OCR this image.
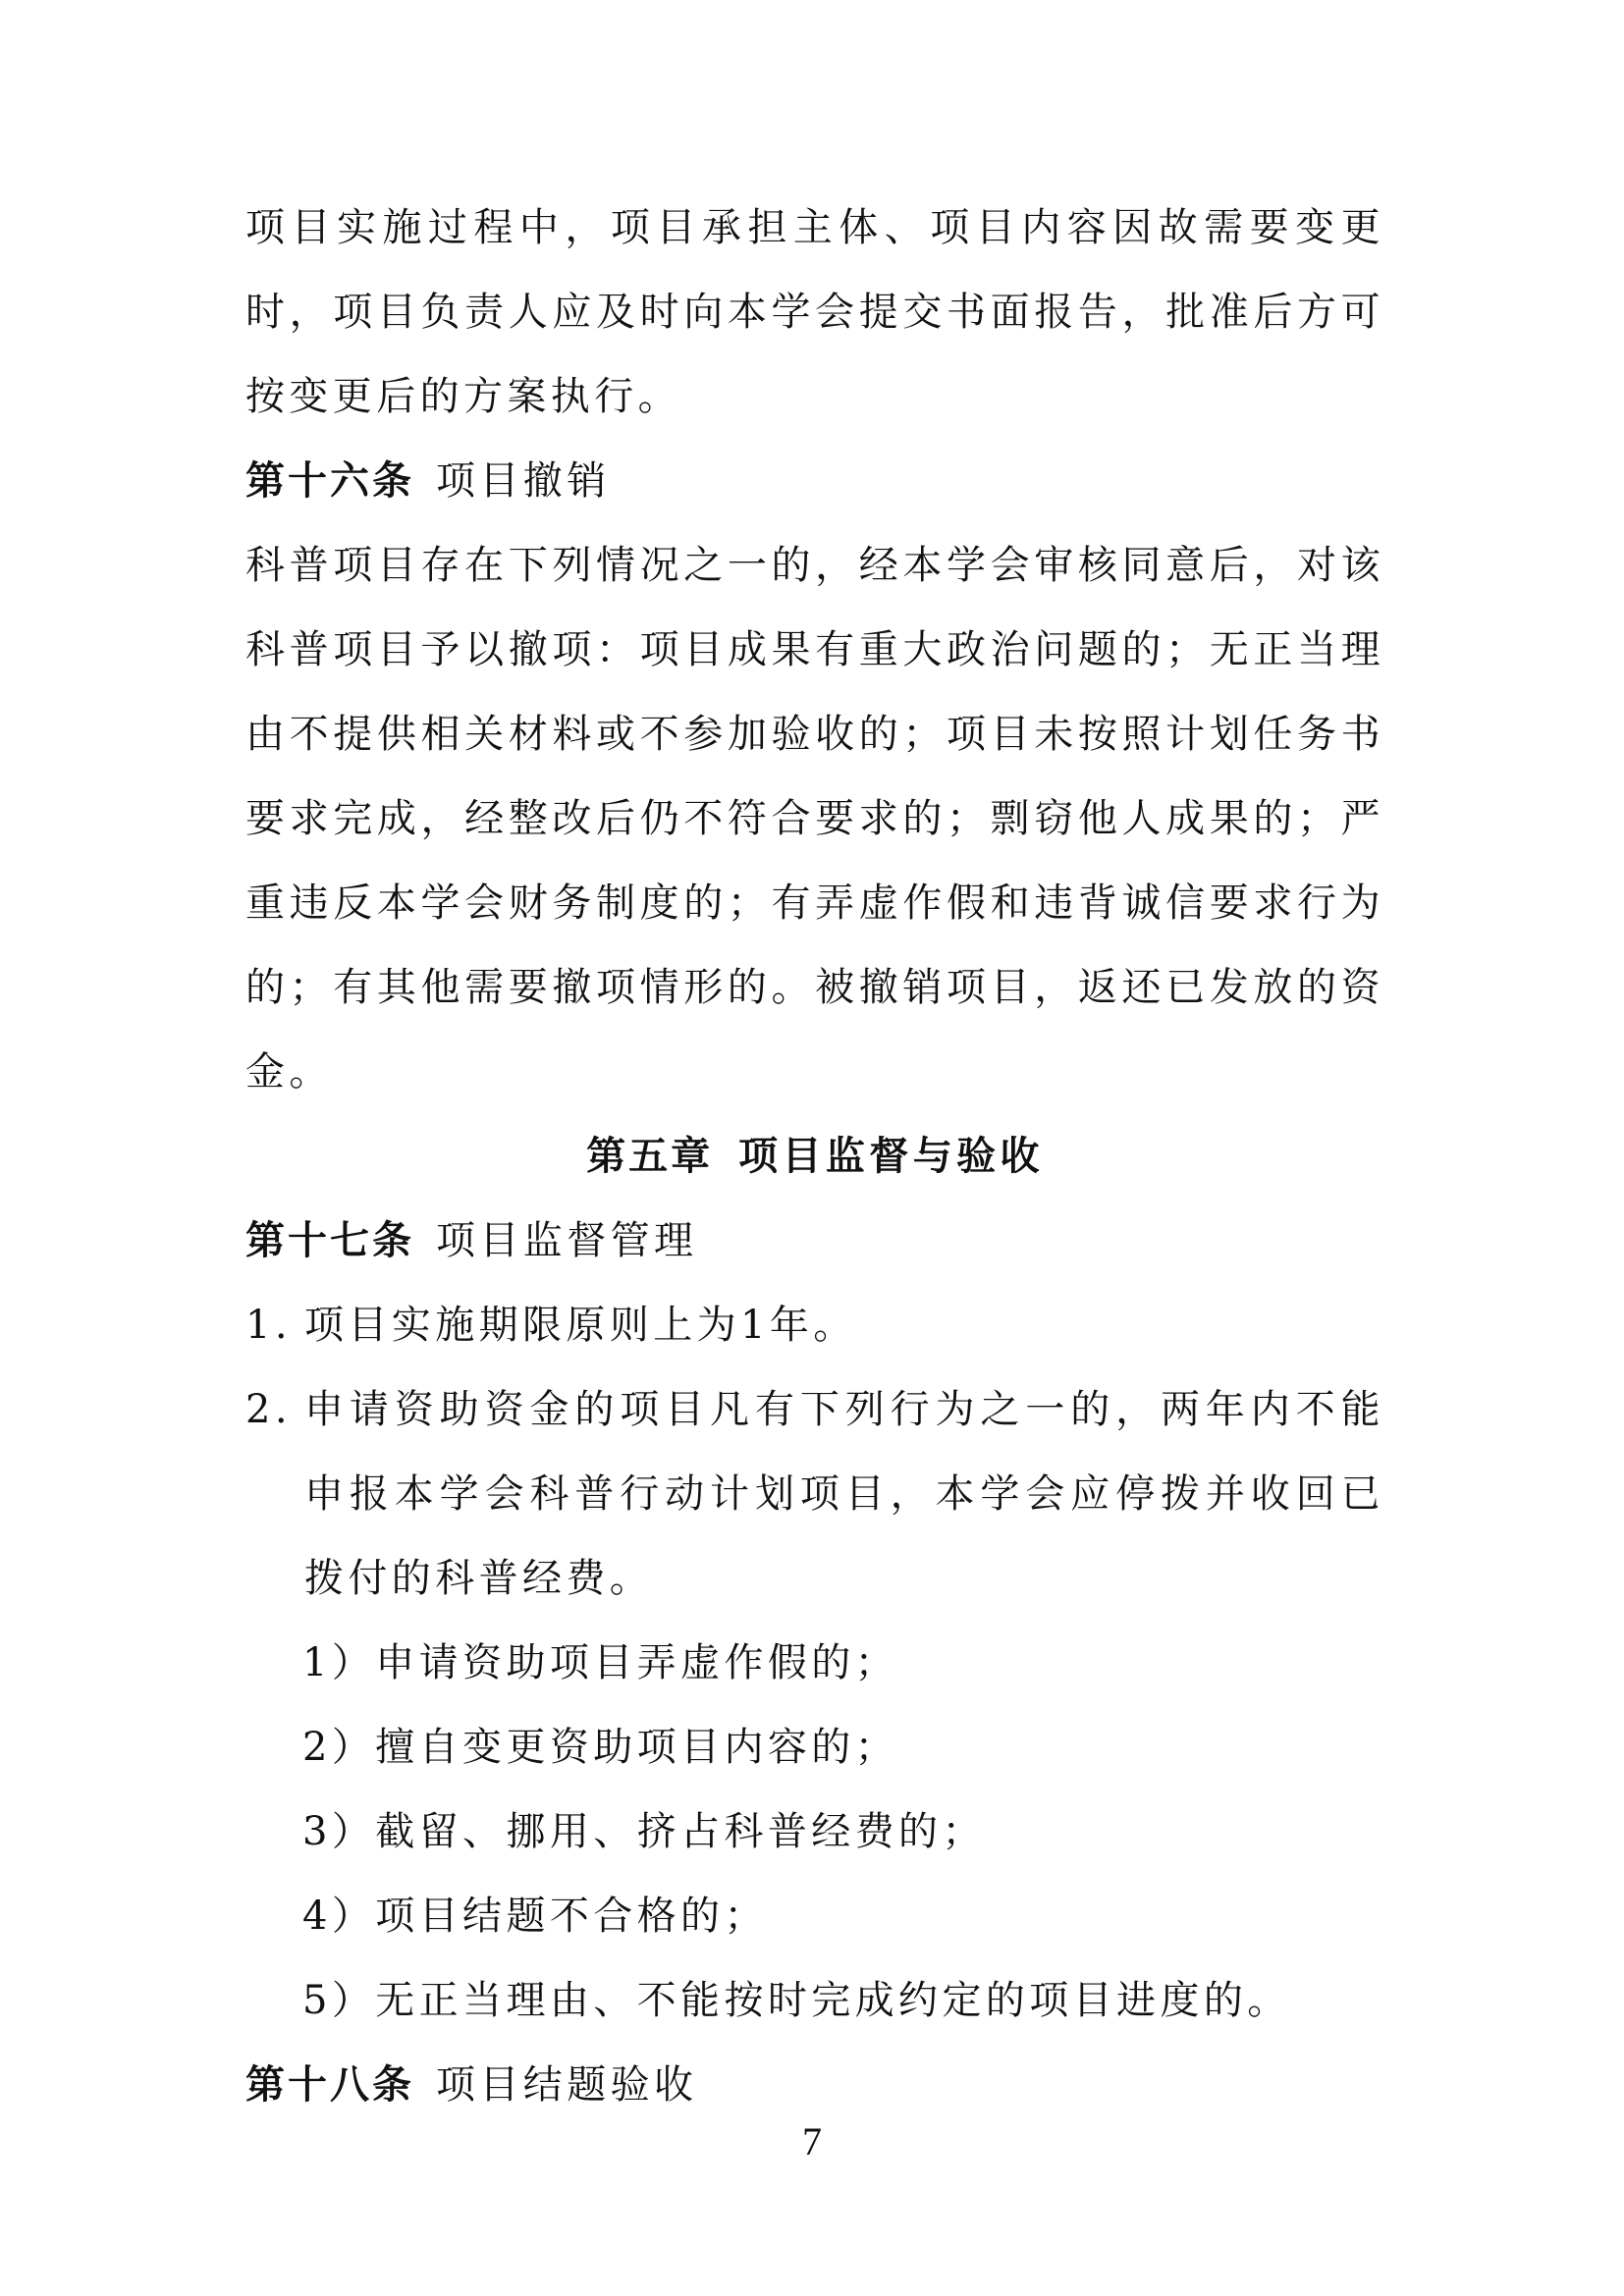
项目实施过程中，项目承担主体、项目内容因故需要变更时，项目负责人应及时向本学会提交书面报告，批准后方可按变更后的方案执行。
第十六条 项目撤销
科普项目存在下列情况之一的，经本学会审核同意后，对该科普项目予以撤项：项目成果有重大政治问题的；无正当理由不提供相关材料或不参加验收的；项目未按照计划任务书要求完成，经整改后仍不符合要求的；剽窃他人成果的；严重违反本学会财务制度的；有弄虚作假和违背诚信要求行为的；有其他需要撤项情形的。被撤销项目，返还已发放的资金。
第五章 项目监督与验收
第十七条 项目监督管理
1. 项目实施期限原则上为1年。
2. 申请资助资金的项目凡有下列行为之一的，两年内不能申报本学会科普行动计划项目，本学会应停拨并收回已拨付的科普经费。
1）申请资助项目弄虚作假的；
2）擅自变更资助项目内容的；
3）截留、挪用、挤占科普经费的；
4）项目结题不合格的；
5）无正当理由、不能按时完成约定的项目进度的。
第十八条 项目结题验收
7
